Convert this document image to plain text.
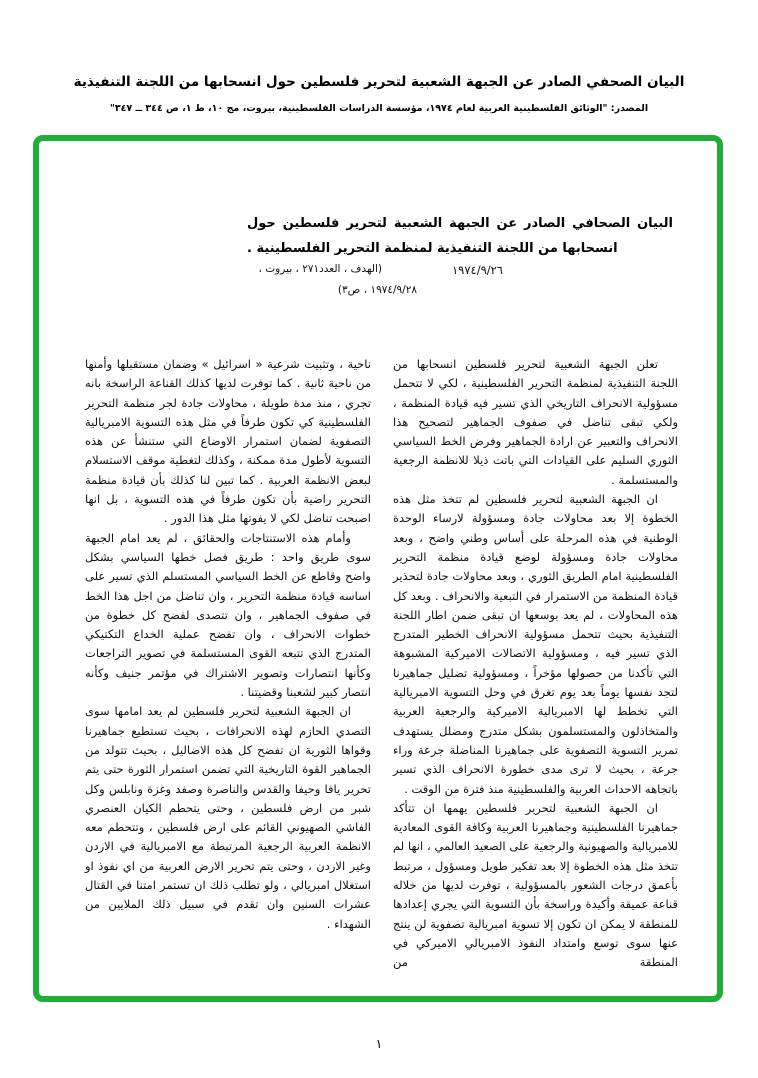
البيان الصحفي الصادر عن الجبهة الشعبية لتحرير فلسطين حول انسحابها من اللجنة التنفيذية
المصدر: "الوثائق الفلسطينية العربية لعام ١٩٧٤، مؤسسة الدراسات الفلسطينية، بيروت، مج ١٠، ط ١، ص ٣٤٤ ــ ٣٤٧"
البيان الصحافي الصادر عن الجبهة الشعبية لتحرير فلسطين حول
انسحابها من اللجنة التنفيذية لمنظمة التحرير الفلسطينية .
١٩٧٤/٩/٢٦
(الهدف ، العدد٢٧١ ، بيروت ،
١٩٧٤/٩/٢٨ ، ص٣)

تعلن الجبهة الشعبية لتحرير فلسطين انسحابها من اللجنة التنفيذية لمنظمة التحرير الفلسطينية ، لكي لا تتحمل مسؤولية الانحراف التاريخي الذي تسير فيه قيادة المنظمة ، ولكي تبقى تناضل في صفوف الجماهير لتصحيح هذا الانحراف والتعبير عن ارادة الجماهير وفرض الخط السياسي الثوري السليم على القيادات التي باتت ذيلا للانظمة الرجعية والمستسلمة .

ان الجبهة الشعبية لتحرير فلسطين لم تتخذ مثل هذه الخطوة إلا بعد محاولات جادة ومسؤولة لارساء الوحدة الوطنية في هذه المرحلة على أساس وطني واضح ، وبعد محاولات جادة ومسؤولة لوضع قيادة منظمة التحرير الفلسطينية امام الطريق الثوري ، وبعد محاولات جادة لتحذير قيادة المنظمة من الاستمرار في التبعية والانحراف . وبعد كل هذه المحاولات ، لم يعد بوسعها ان تبقى ضمن اطار اللجنة التنفيذية بحيث تتحمل مسؤولية الانحراف الخطير المتدرج الذي تسير فيه ، ومسؤولية الاتصالات الاميركية المشبوهة التي تأكدنا من حصولها مؤخراً ، ومسؤولية تضليل جماهيرنا لتجد نفسها يوماً بعد يوم تغرق في وحل التسوية الامبريالية التي تخطط لها الامبريالية الاميركية والرجعية العربية والمتخاذلون والمستسلمون بشكل متدرج ومضلل يستهدف تمرير التسوية التصفوية على جماهيرنا المناضلة جرعة وراء جرعة ، بحيث لا ترى مدى خطورة الانحراف الذي تسير باتجاهه الاحداث العربية والفلسطينية منذ فترة من الوقت .

ان الجبهة الشعبية لتحرير فلسطين يهمها ان تتأكد جماهيرنا الفلسطينية وجماهيرنا العربية وكافة القوى المعادية للامبريالية والصهيونية والرجعية على الصعيد العالمي ، انها لم تتخذ مثل هذه الخطوة إلا بعد تفكير طويل ومسؤول ، مرتبط بأعمق درجات الشعور بالمسؤولية ، توفرت لديها من خلاله قناعة عميقة وأكيدة وراسخة بأن التسوية التي يجري إعدادها للمنطقة لا يمكن ان تكون إلا تسوية امبريالية تصفوية لن ينتج عنها سوى توسع وامتداد النفوذ الامبريالي الاميركي في المنطقة من

ناحية ، وتثبيت شرعية « اسرائيل » وضمان مستقبلها وأمنها من ناحية ثانية . كما توفرت لديها كذلك القناعة الراسخة بانه تجري ، منذ مدة طويلة ، محاولات جادة لجر منظمة التحرير الفلسطينية كي تكون طرفاً في مثل هذه التسوية الامبريالية التصفوية لضمان استمرار الاوضاع التي ستنشأ عن هذه التسوية لأطول مدة ممكنة ، وكذلك لتغطية موقف الاستسلام لبعض الانظمة العربية . كما تبين لنا كذلك بأن قيادة منظمة التحرير راضية بأن تكون طرفاً في هذه التسوية ، بل انها اصبحت تناضل لكي لا يفوتها مثل هذا الدور .

وأمام هذه الاستنتاجات والحقائق ، لم يعد امام الجبهة سوى طريق واحد : طريق فصل خطها السياسي بشكل واضح وقاطع عن الخط السياسي المستسلم الذي تسير على اساسه قيادة منظمة التحرير ، وان تناضل من اجل هذا الخط في صفوف الجماهير ، وان تتصدى لفضح كل خطوة من خطوات الانحراف ، وان تفضح عملية الخداع التكتيكي المتدرج الذي تتبعه القوى المستسلمة في تصوير التراجعات وكأنها انتصارات وتصوير الاشتراك في مؤتمر جنيف وكأنه انتصار كبير لشعبنا وقضيتنا .

ان الجبهة الشعبية لتحرير فلسطين لم يعد امامها سوى التصدي الحازم لهذه الانحرافات ، بحيث تستطيع جماهيرنا وقواها الثورية ان تفضح كل هذه الاضاليل ، بحيث تتولد من الجماهير القوة التاريخية التي تضمن استمرار الثورة حتى يتم تحرير يافا وحيفا والقدس والناصرة وصفد وغزة ونابلس وكل شبر من ارض فلسطين ، وحتى يتحطم الكيان العنصري الفاشي الصهيوني القائم على ارض فلسطين ، وتتحطم معه الانظمة العربية الرجعية المرتبطة مع الامبريالية في الاردن وغير الاردن ، وحتى يتم تحرير الارض العربية من اي نفوذ او استغلال امبريالي ، ولو تطلب ذلك ان تستمر امتنا في القتال عشرات السنين وان تقدم في سبيل ذلك الملايين من الشهداء .

١
